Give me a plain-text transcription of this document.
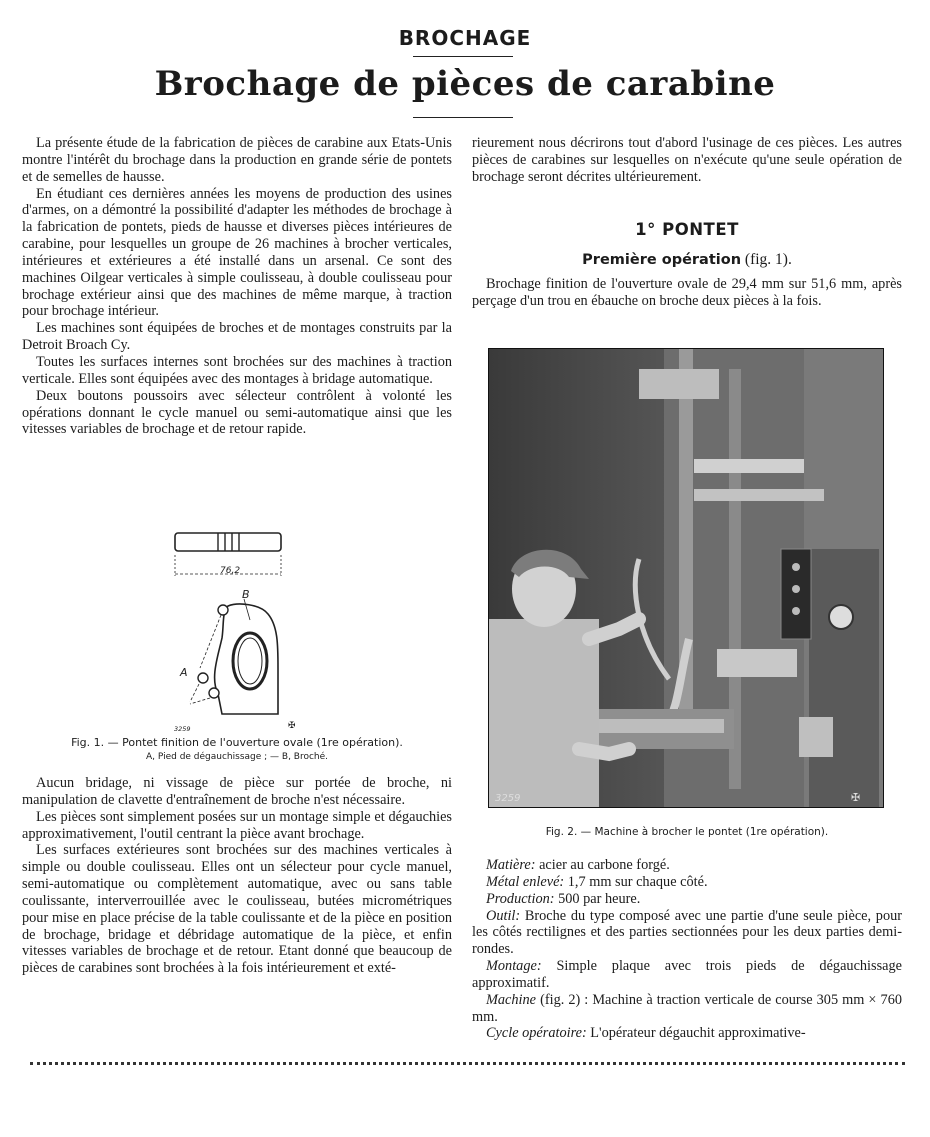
BROCHAGE
Brochage de pièces de carabine

La présente étude de la fabrication de pièces de carabine aux Etats-Unis montre l'intérêt du brochage dans la production en grande série de pontets et de semelles de hausse.

En étudiant ces dernières années les moyens de production des usines d'armes, on a démontré la possibilité d'adapter les méthodes de brochage à la fabrication de pontets, pieds de hausse et diverses pièces intérieures de carabine, pour lesquelles un groupe de 26 machines à brocher verticales, intérieures et extérieures a été installé dans un arsenal. Ce sont des machines Oilgear verticales à simple coulisseau, à double coulisseau pour brochage extérieur ainsi que des machines de même marque, à traction pour brochage intérieur.

Les machines sont équipées de broches et de montages construits par la Detroit Broach Cy.

Toutes les surfaces internes sont brochées sur des machines à traction verticale. Elles sont équipées avec des montages à bridage automatique.

Deux boutons poussoirs avec sélecteur contrôlent à volonté les opérations donnant le cycle manuel ou semi-automatique ainsi que les vitesses variables de brochage et de retour rapide.

76,2
B
A
3259	✠
Fig. 1. — Pontet finition de l'ouverture ovale (1re opération).
A, Pied de dégauchissage ; — B, Broché.

Aucun bridage, ni vissage de pièce sur portée de broche, ni manipulation de clavette d'entraînement de broche n'est nécessaire.

Les pièces sont simplement posées sur un montage simple et dégauchies approximativement, l'outil centrant la pièce avant brochage.

Les surfaces extérieures sont brochées sur des machines verticales à simple ou double coulisseau. Elles ont un sélecteur pour cycle manuel, semi-automatique ou complètement automatique, avec ou sans table coulissante, interverrouillée avec le coulisseau, butées micrométriques pour mise en place précise de la table coulissante et de la pièce en position de brochage, bridage et débridage automatique de la pièce, et enfin vitesses variables de brochage et de retour. Etant donné que beaucoup de pièces de carabines sont brochées à la fois intérieurement et exté-

rieurement nous décrirons tout d'abord l'usinage de ces pièces. Les autres pièces de carabines sur lesquelles on n'exécute qu'une seule opération de brochage seront décrites ultérieurement.

1° PONTET
Première opération (fig. 1).

Brochage finition de l'ouverture ovale de 29,4 mm sur 51,6 mm, après perçage d'un trou en ébauche on broche deux pièces à la fois.

3259	✠
Fig. 2. — Machine à brocher le pontet (1re opération).

Matière: acier au carbone forgé.

Métal enlevé: 1,7 mm sur chaque côté.

Production: 500 par heure.

Outil: Broche du type composé avec une partie d'une seule pièce, pour les côtés rectilignes et des parties sectionnées pour les deux parties demi-rondes.

Montage: Simple plaque avec trois pieds de dégauchissage approximatif.

Machine (fig. 2) : Machine à traction verticale de course 305 mm × 760 mm.

Cycle opératoire: L'opérateur dégauchit approximative-
